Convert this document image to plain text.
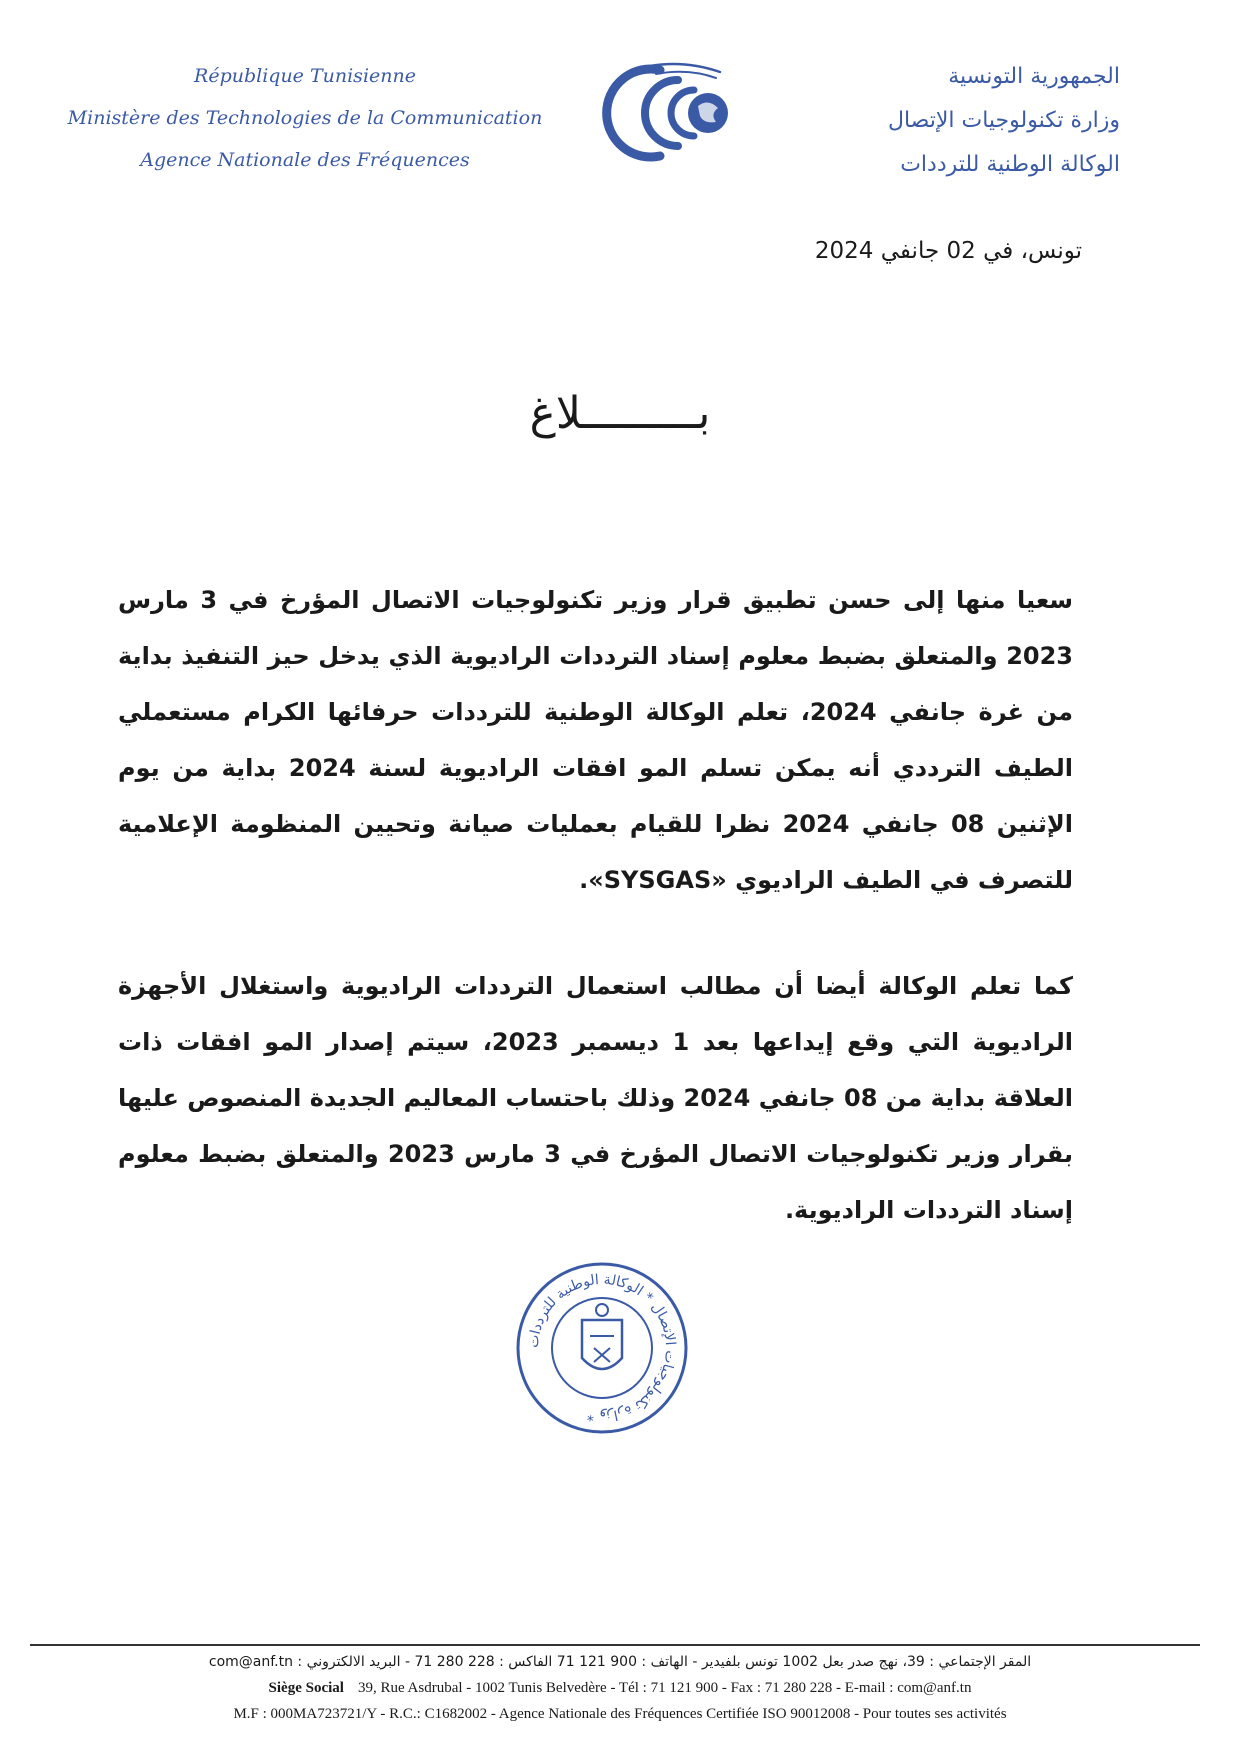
République Tunisienne
Ministère des Technologies de la Communication
Agence Nationale des Fréquences
الجمهورية التونسية
وزارة تكنولوجيات الإتصال
الوكالة الوطنية للترددات
تونس، في 02 جانفي 2024
بـــــــــلاغ

سعيا منها إلى حسن تطبيق قرار وزير تكنولوجيات الاتصال المؤرخ في 3 مارس 2023 والمتعلق بضبط معلوم إسناد الترددات الراديوية الذي يدخل حيز التنفيذ بداية من غرة جانفي 2024، تعلم الوكالة الوطنية للترددات حرفائها الكرام مستعملي الطيف الترددي أنه يمكن تسلم المو افقات الراديوية لسنة 2024 بداية من يوم الإثنين 08 جانفي 2024 نظرا للقيام بعمليات صيانة وتحيين المنظومة الإعلامية للتصرف في الطيف الراديوي «SYSGAS».

كما تعلم الوكالة أيضا أن مطالب استعمال الترددات الراديوية واستغلال الأجهزة الراديوية التي وقع إيداعها بعد 1 ديسمبر 2023، سيتم إصدار المو افقات ذات العلاقة بداية من 08 جانفي 2024 وذلك باحتساب المعاليم الجديدة المنصوص عليها بقرار وزير تكنولوجيات الاتصال المؤرخ في 3 مارس 2023 والمتعلق بضبط معلوم إسناد الترددات الراديوية.

وزارة تكنولوجيات الإتصال * الوكالة الوطنية للترددات *
المقر الإجتماعي : 39، نهج صدر بعل 1002 تونس بلفيدير - الهاتف : 900 121 71 الفاكس : 228 280 71 - البريد الالكتروني : com@anf.tn
Siège Social 39, Rue Asdrubal - 1002 Tunis Belvedère - Tél : 71 121 900 - Fax : 71 280 228 - E-mail : com@anf.tn
M.F : 000MA723721/Y - R.C.: C1682002 - Agence Nationale des Fréquences Certifiée ISO 90012008 - Pour toutes ses activités
